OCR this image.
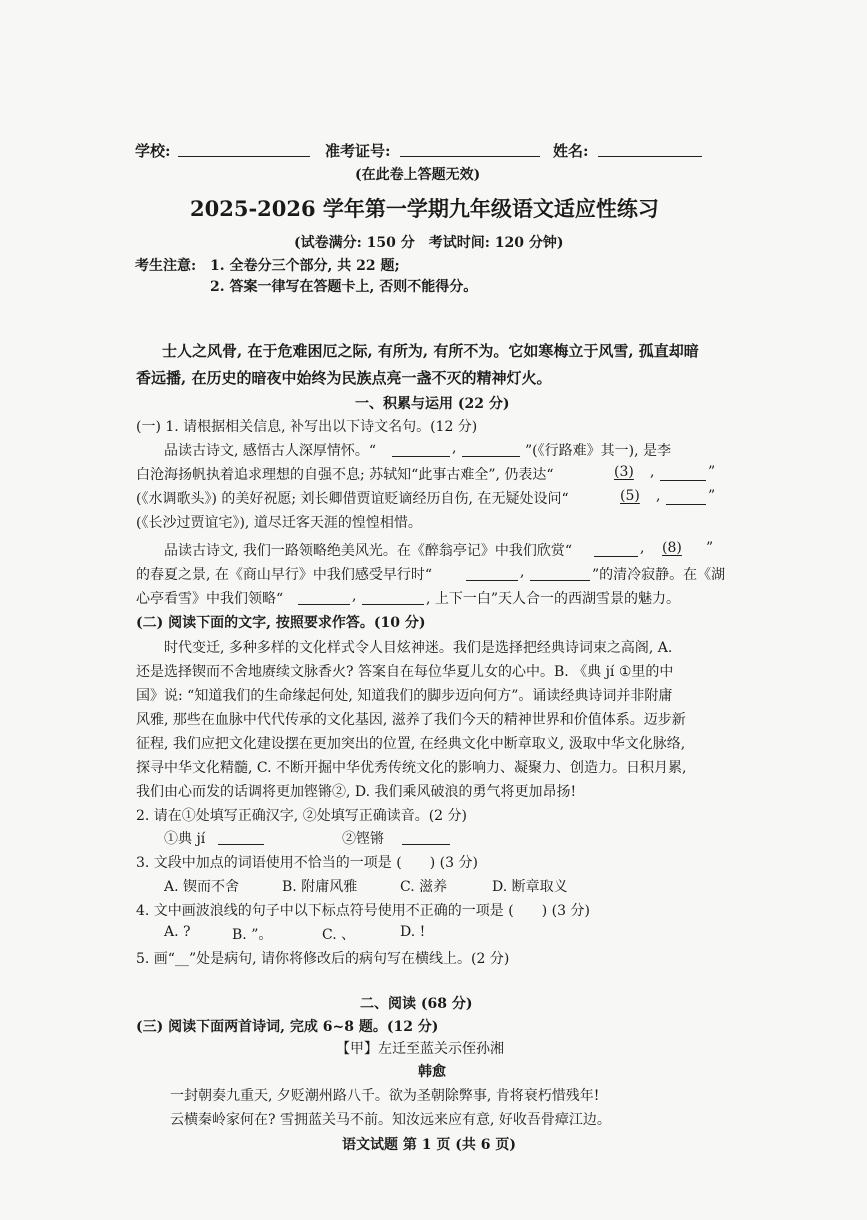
学校:	准考证号:	姓名:
(在此卷上答题无效)
2025-2026 学年第一学期九年级语文适应性练习
(试卷满分: 150 分　考试时间: 120 分钟)
考生注意: 1. 全卷分三个部分, 共 22 题;
2. 答案一律写在答题卡上, 否则不能得分。
士人之风骨, 在于危难困厄之际, 有所为, 有所不为。它如寒梅立于风雪, 孤直却暗
香远播, 在历史的暗夜中始终为民族点亮一盏不灭的精神灯火。
一、积累与运用 (22 分)
(一) 1. 请根据相关信息, 补写出以下诗文名句。(12 分)
品读古诗文, 感悟古人深厚情怀。“	,	”(《行路难》其一), 是李
白沧海扬帆执着追求理想的自强不息; 苏轼知“此事古难全”, 仍表达“	(3) ,	”
(《水调歌头》) 的美好祝愿; 刘长卿借贾谊贬谪经历自伤, 在无疑处设问“	(5) ,	”
(《长沙过贾谊宅》), 道尽迁客天涯的惶惶相惜。
品读古诗文, 我们一路领略绝美风光。在《醉翁亭记》中我们欣赏“	, (8) ”
的春夏之景, 在《商山早行》中我们感受早行时“	,	”的清冷寂静。在《湖
心亭看雪》中我们领略“	,	, 上下一白”天人合一的西湖雪景的魅力。
(二) 阅读下面的文字, 按照要求作答。(10 分)
时代变迁, 多种多样的文化样式令人目炫神迷。我们是选择把经典诗词束之高阁, A.
还是选择锲而不舍地赓续文脉香火? 答案自在每位华夏儿女的心中。B. 《典 jí ①里的中
国》说: “知道我们的生命缘起何处, 知道我们的脚步迈向何方”。诵读经典诗词并非附庸
风雅, 那些在血脉中代代传承的文化基因, 滋养了我们今天的精神世界和价值体系。迈步新
征程, 我们应把文化建设摆在更加突出的位置, 在经典文化中断章取义, 汲取中华文化脉络,
探寻中华文化精髓, C. 不断开掘中华优秀传统文化的影响力、凝聚力、创造力。日积月累,
我们由心而发的话调将更加铿锵②, D. 我们乘风破浪的勇气将更加昂扬!
2. 请在①处填写正确汉字, ②处填写正确读音。(2 分)
①典 jí	②铿锵
3. 文段中加点的词语使用不恰当的一项是 (　　) (3 分)
A. 锲而不舍	B. 附庸风雅	C. 滋养	D. 断章取义
4. 文中画波浪线的句子中以下标点符号使用不正确的一项是 (　　) (3 分)
A. ?	B. ”。	C. 、	D. !
5. 画“__”处是病句, 请你将修改后的病句写在横线上。(2 分)
二、阅读 (68 分)
(三) 阅读下面两首诗词, 完成 6~8 题。(12 分)
【甲】左迁至蓝关示侄孙湘
韩愈
一封朝奏九重天, 夕贬潮州路八千。欲为圣朝除弊事, 肯将衰朽惜残年!
云横秦岭家何在? 雪拥蓝关马不前。知汝远来应有意, 好收吾骨瘴江边。
语文试题 第 1 页 (共 6 页)
